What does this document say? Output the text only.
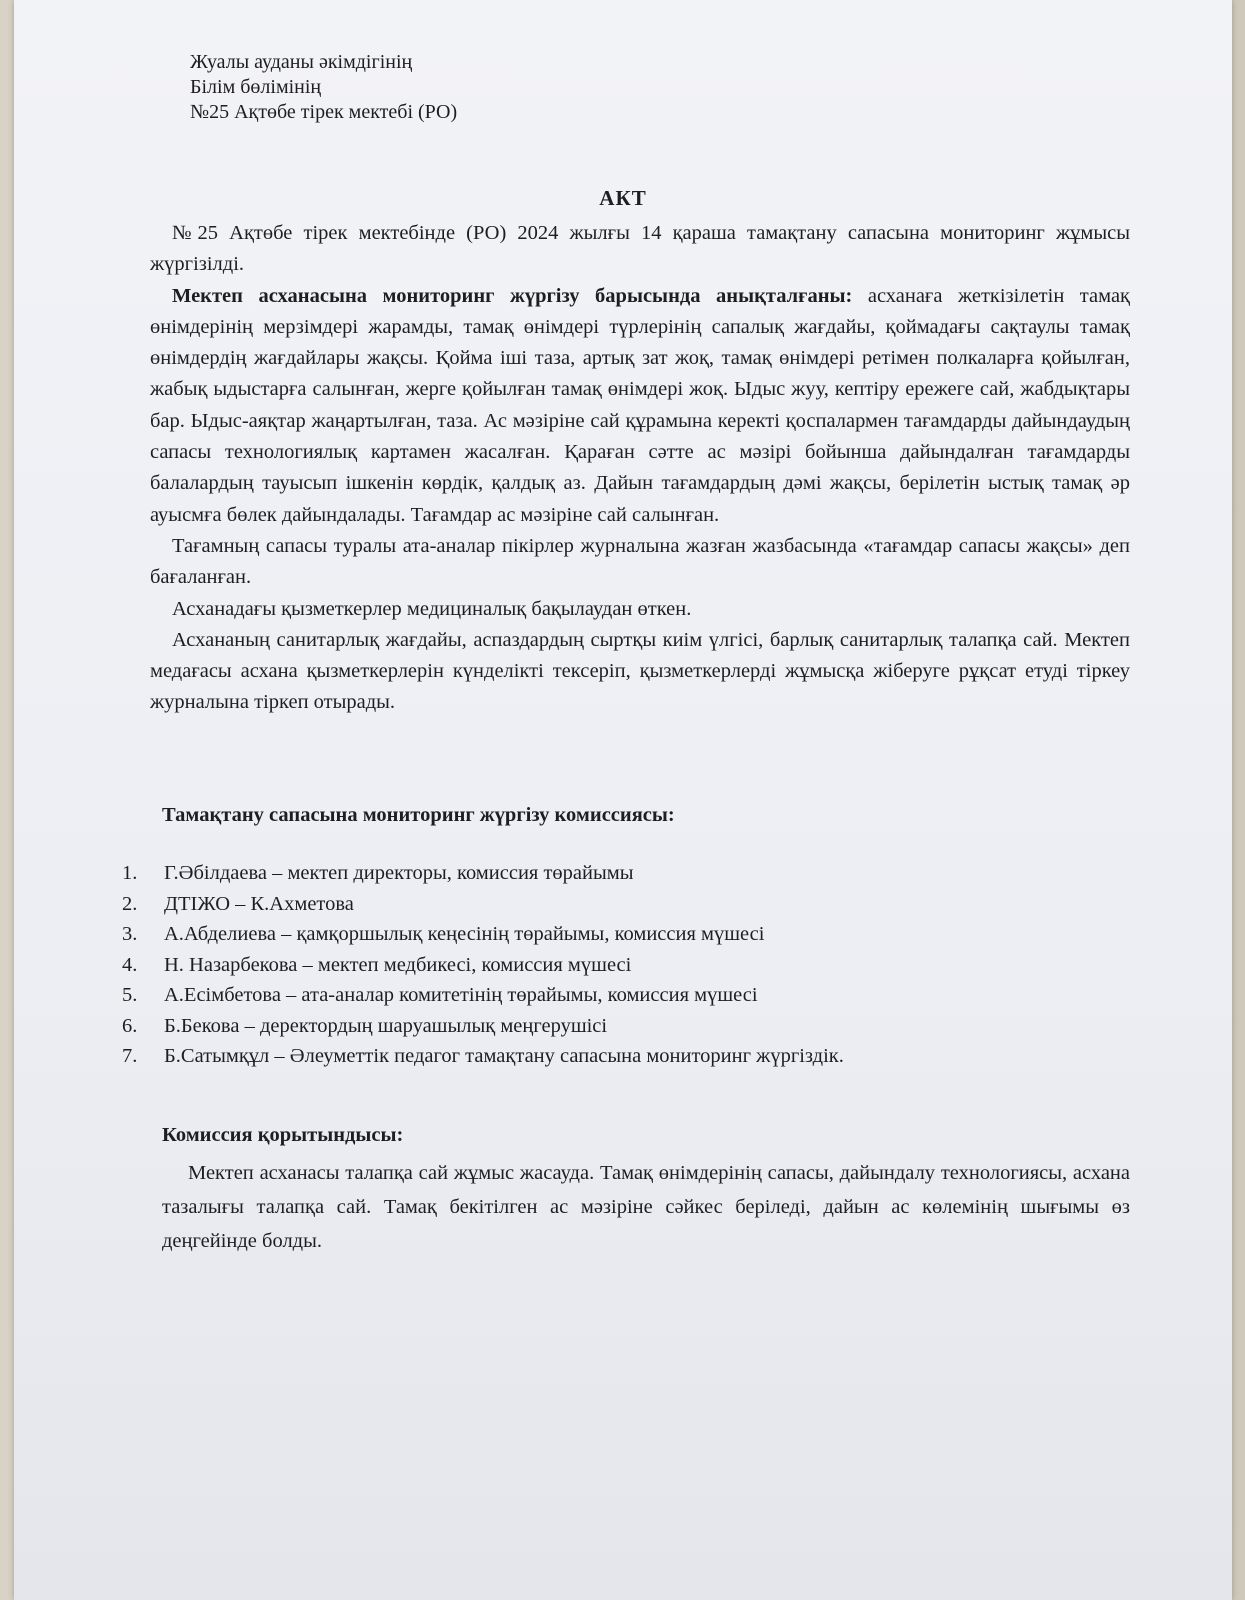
Жуалы ауданы әкімдігінің
Білім бөлімінің
№25 Ақтөбе тірек мектебі (РО)
АКТ

№25 Ақтөбе тірек мектебінде (РО) 2024 жылғы 14 қараша тамақтану сапасына мониторинг жұмысы жүргізілді.

Мектеп асханасына мониторинг жүргізу барысында анықталғаны: асханаға жеткізілетін тамақ өнімдерінің мерзімдері жарамды, тамақ өнімдері түрлерінің сапалық жағдайы, қоймадағы сақтаулы тамақ өнімдердің жағдайлары жақсы. Қойма іші таза, артық зат жоқ, тамақ өнімдері ретімен полкаларға қойылған, жабық ыдыстарға салынған, жерге қойылған тамақ өнімдері жоқ. Ыдыс жуу, кептіру ережеге сай, жабдықтары бар. Ыдыс-аяқтар жаңартылған, таза. Ас мәзіріне сай құрамына керекті қоспалармен тағамдарды дайындаудың сапасы технологиялық картамен жасалған. Қараған сәтте ас мәзірі бойынша дайындалған тағамдарды балалардың тауысып ішкенін көрдік, қалдық аз. Дайын тағамдардың дәмі жақсы, берілетін ыстық тамақ әр ауысмға бөлек дайындалады. Тағамдар ас мәзіріне сай салынған.

Тағамның сапасы туралы ата-аналар пікірлер журналына жазған жазбасында «тағамдар сапасы жақсы» деп бағаланған.

Асханадағы қызметкерлер медициналық бақылаудан өткен.

Асхананың санитарлық жағдайы, аспаздардың сыртқы киім үлгісі, барлық санитарлық талапқа сай. Мектеп медағасы асхана қызметкерлерін күнделікті тексеріп, қызметкерлерді жұмысқа жіберуге рұқсат етуді тіркеу журналына тіркеп отырады.

Тамақтану сапасына мониторинг жүргізу комиссиясы:
1.	Г.Әбілдаева – мектеп директоры, комиссия төрайымы
2.	ДТІЖО – К.Ахметова
3.	А.Абделиева – қамқоршылық кеңесінің төрайымы, комиссия мүшесі
4.	Н. Назарбекова – мектеп медбикесі, комиссия мүшесі
5.	А.Есімбетова – ата-аналар комитетінің төрайымы, комиссия мүшесі
6.	Б.Бекова – деректордың шаруашылық меңгерушісі
7.	Б.Сатымқұл – Әлеуметтік педагог тамақтану сапасына мониторинг жүргіздік.
Комиссия қорытындысы:

Мектеп асханасы талапқа сай жұмыс жасауда. Тамақ өнімдерінің сапасы, дайындалу технологиясы, асхана тазалығы талапқа сай. Тамақ бекітілген ас мәзіріне сәйкес беріледі, дайын ас көлемінің шығымы өз деңгейінде болды.
